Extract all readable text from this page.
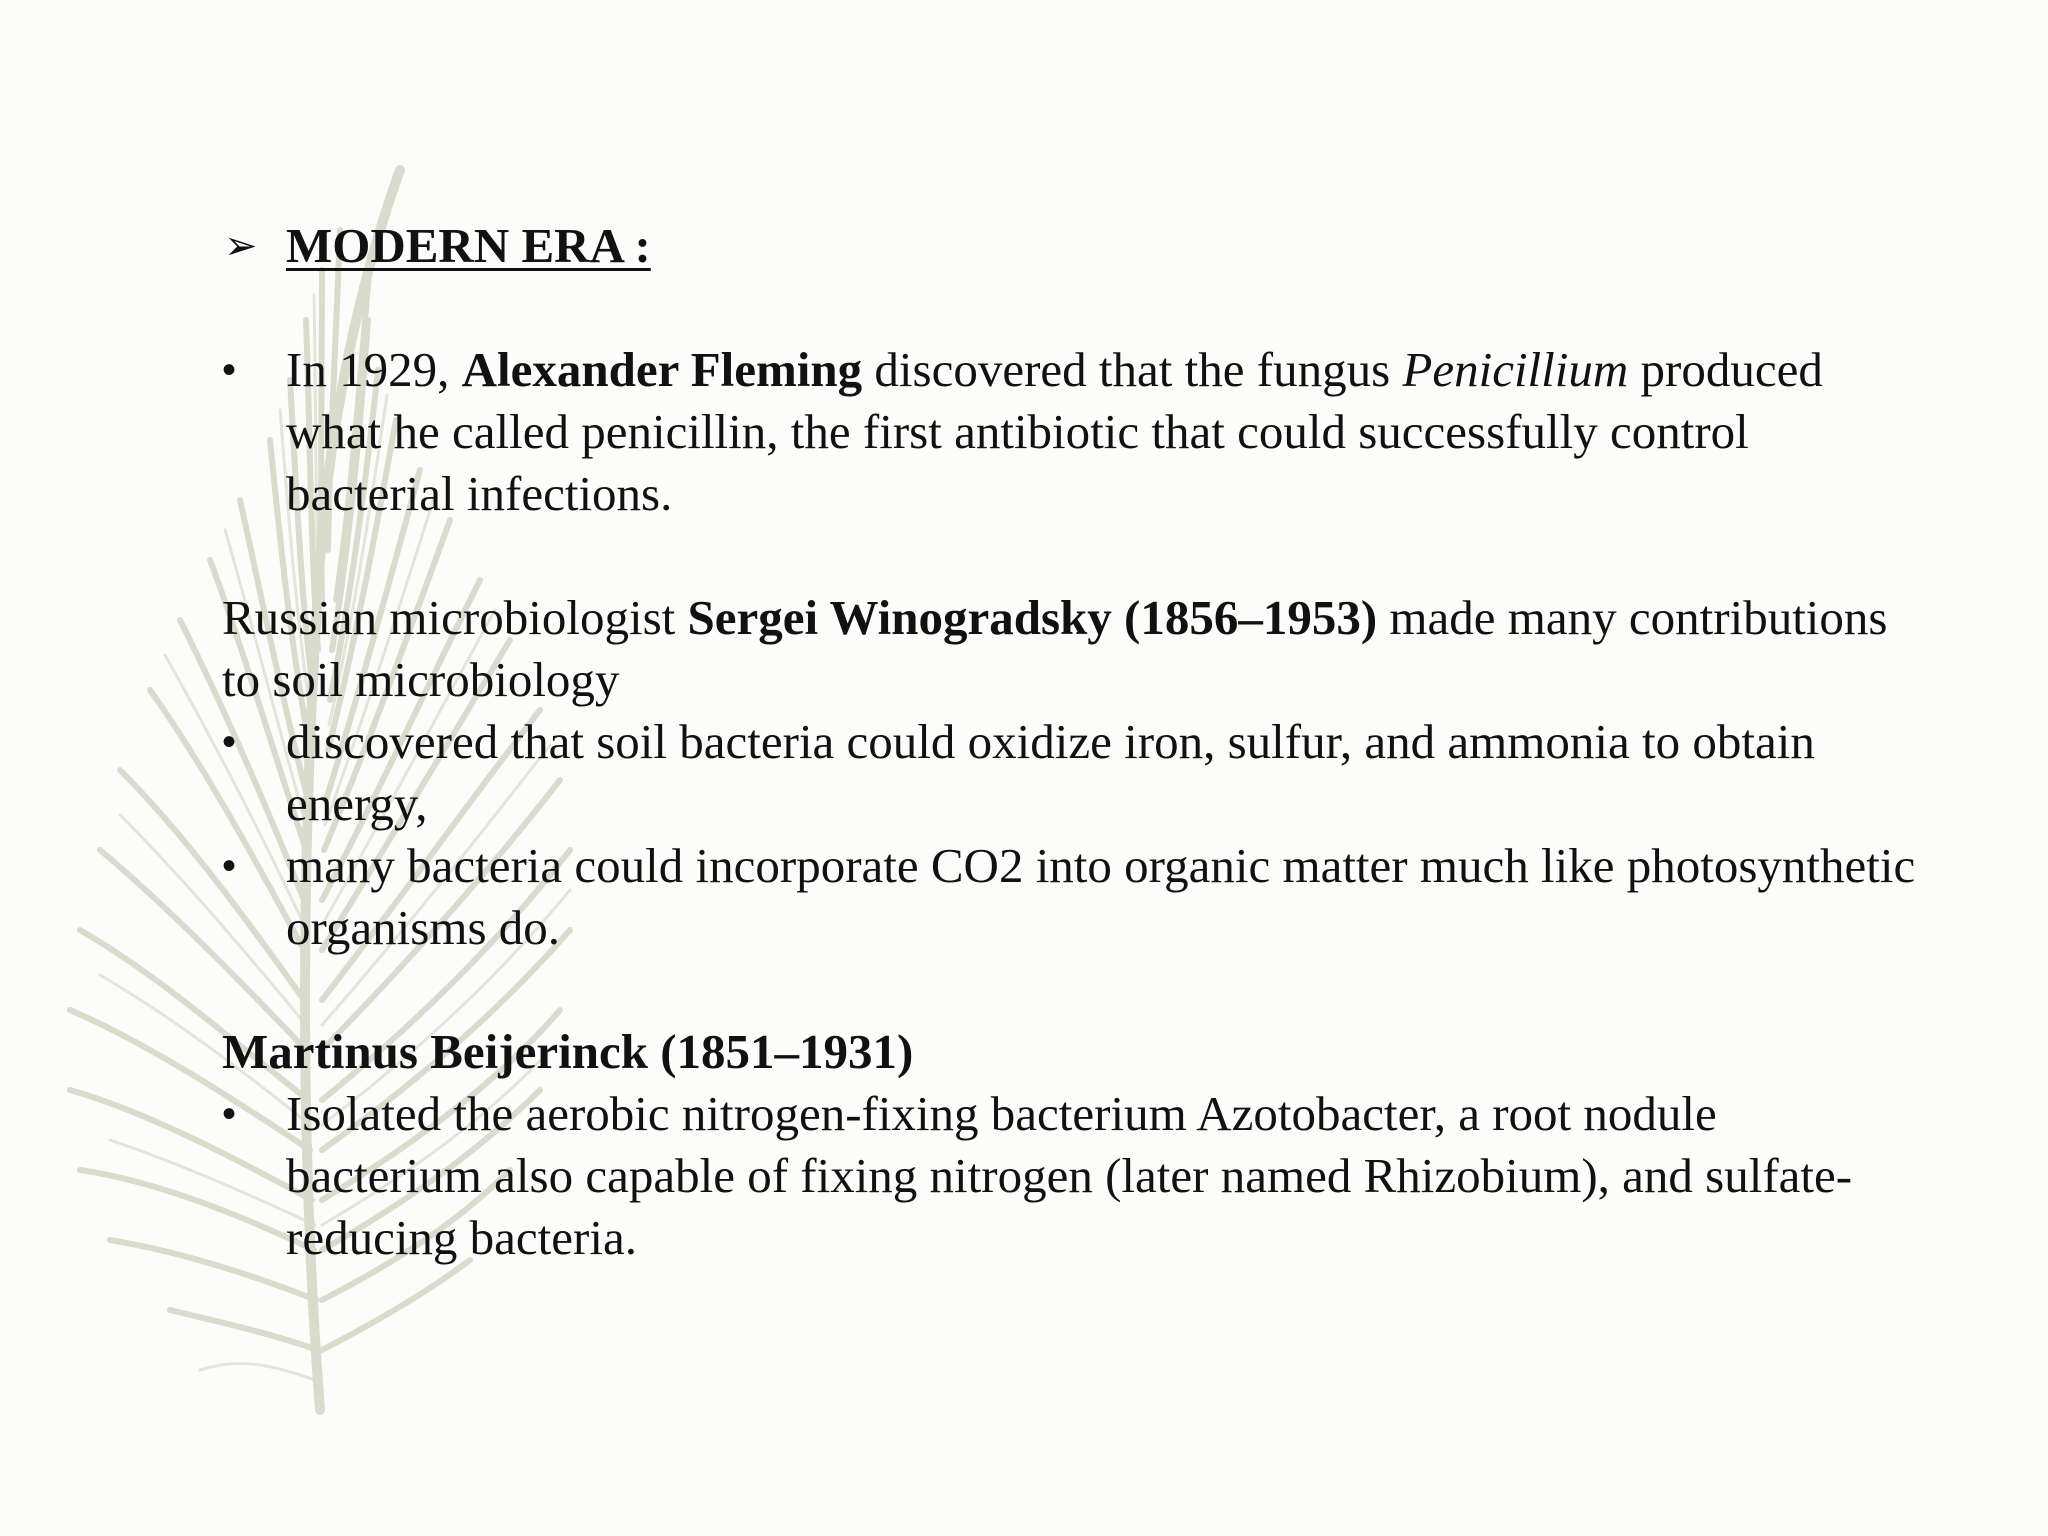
➢ MODERN ERA :
• In 1929, Alexander Fleming discovered that the fungus Penicillium produced what he called penicillin, the first antibiotic that could successfully control bacterial infections.

Russian microbiologist Sergei Winogradsky (1856–1953) made many contributions to soil microbiology

• discovered that soil bacteria could oxidize iron, sulfur, and ammonia to obtain energy,
• many bacteria could incorporate CO2 into organic matter much like photosynthetic organisms do.

Martinus Beijerinck (1851–1931)

• Isolated the aerobic nitrogen-fixing bacterium Azotobacter, a root nodule bacterium also capable of fixing nitrogen (later named Rhizobium), and sulfate-reducing bacteria.
